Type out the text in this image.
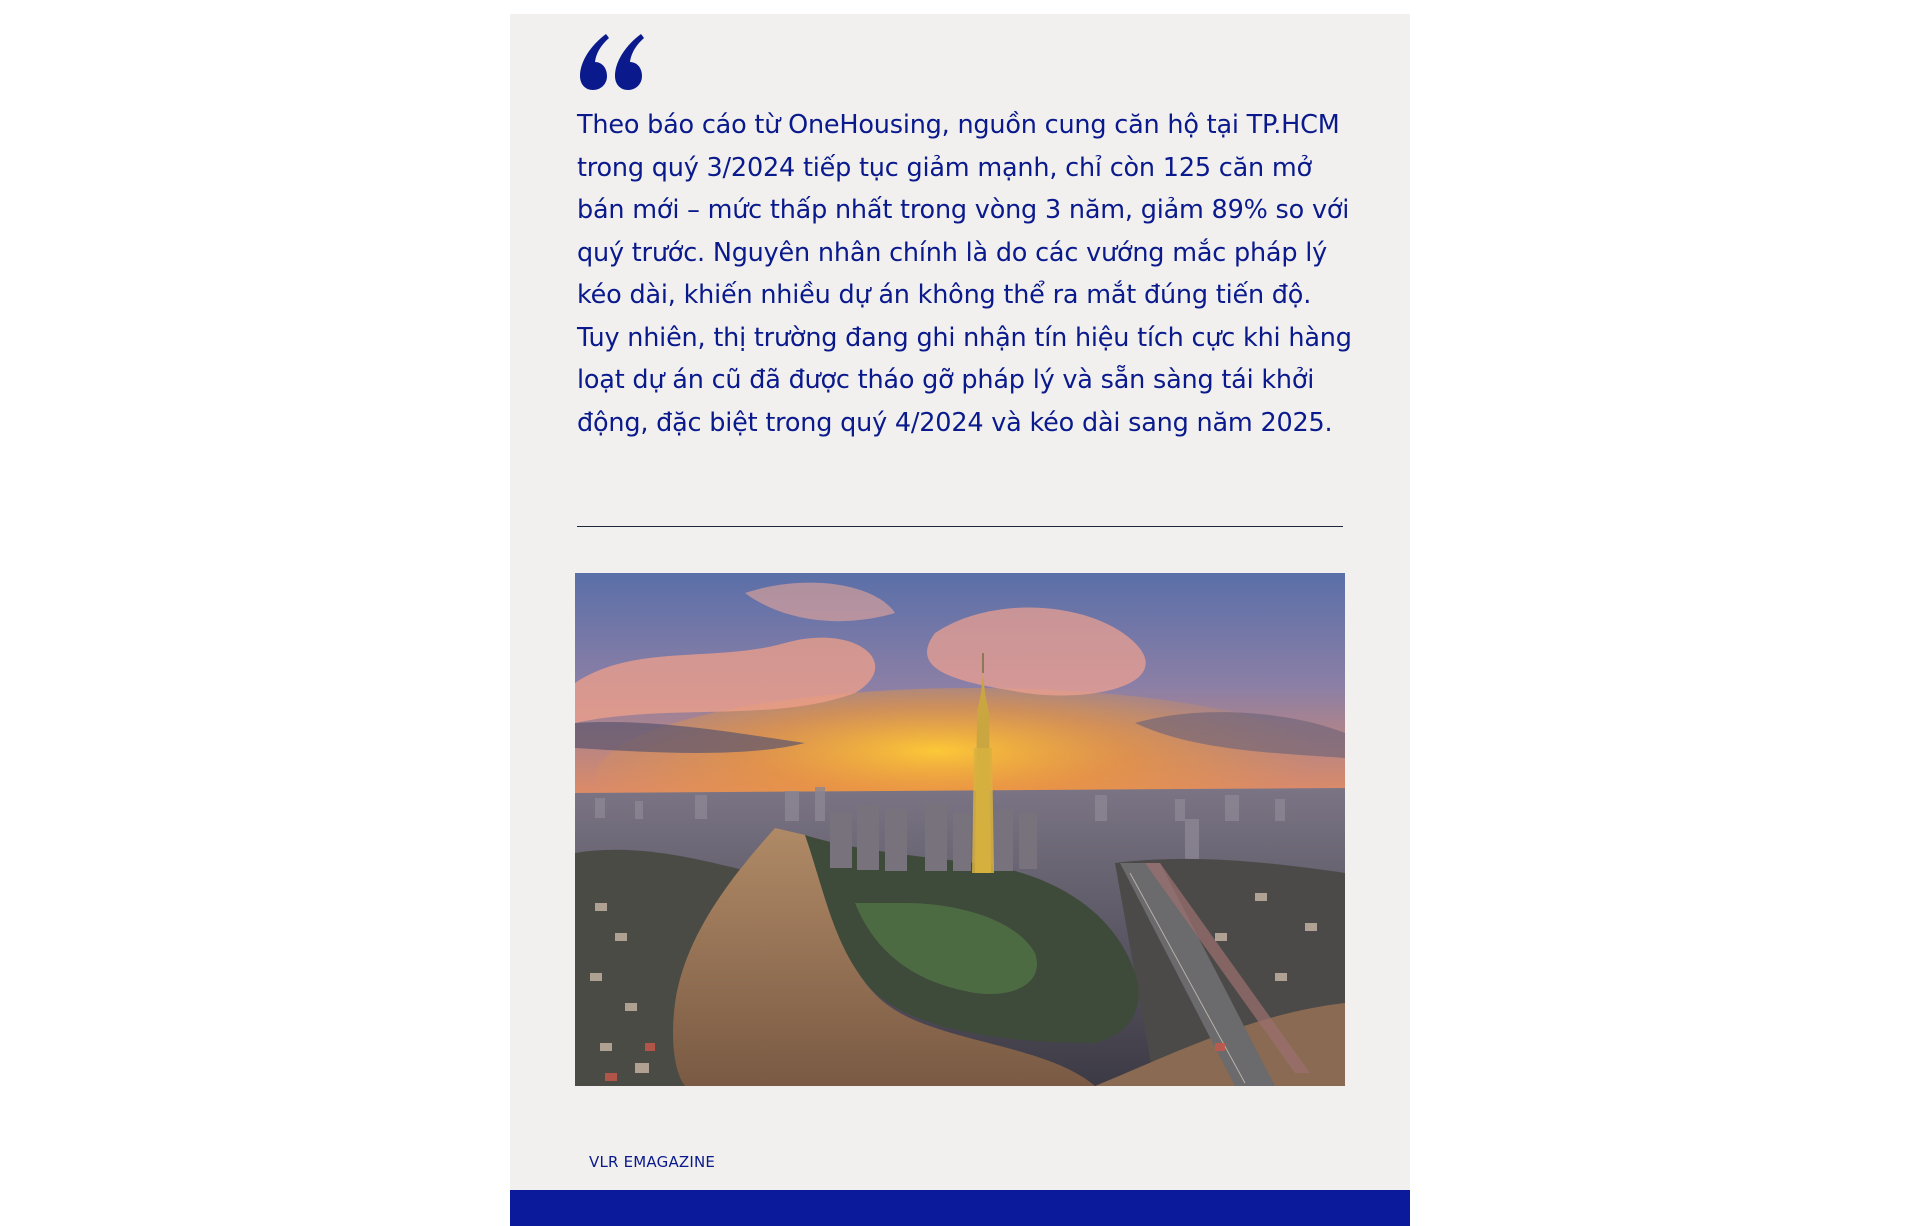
Theo báo cáo từ OneHousing, nguồn cung căn hộ tại TP.HCM trong quý 3/2024 tiếp tục giảm mạnh, chỉ còn 125 căn mở bán mới – mức thấp nhất trong vòng 3 năm, giảm 89% so với quý trước. Nguyên nhân chính là do các vướng mắc pháp lý kéo dài, khiến nhiều dự án không thể ra mắt đúng tiến độ. Tuy nhiên, thị trường đang ghi nhận tín hiệu tích cực khi hàng loạt dự án cũ đã được tháo gỡ pháp lý và sẵn sàng tái khởi động, đặc biệt trong quý 4/2024 và kéo dài sang năm 2025.

VLR EMAGAZINE
